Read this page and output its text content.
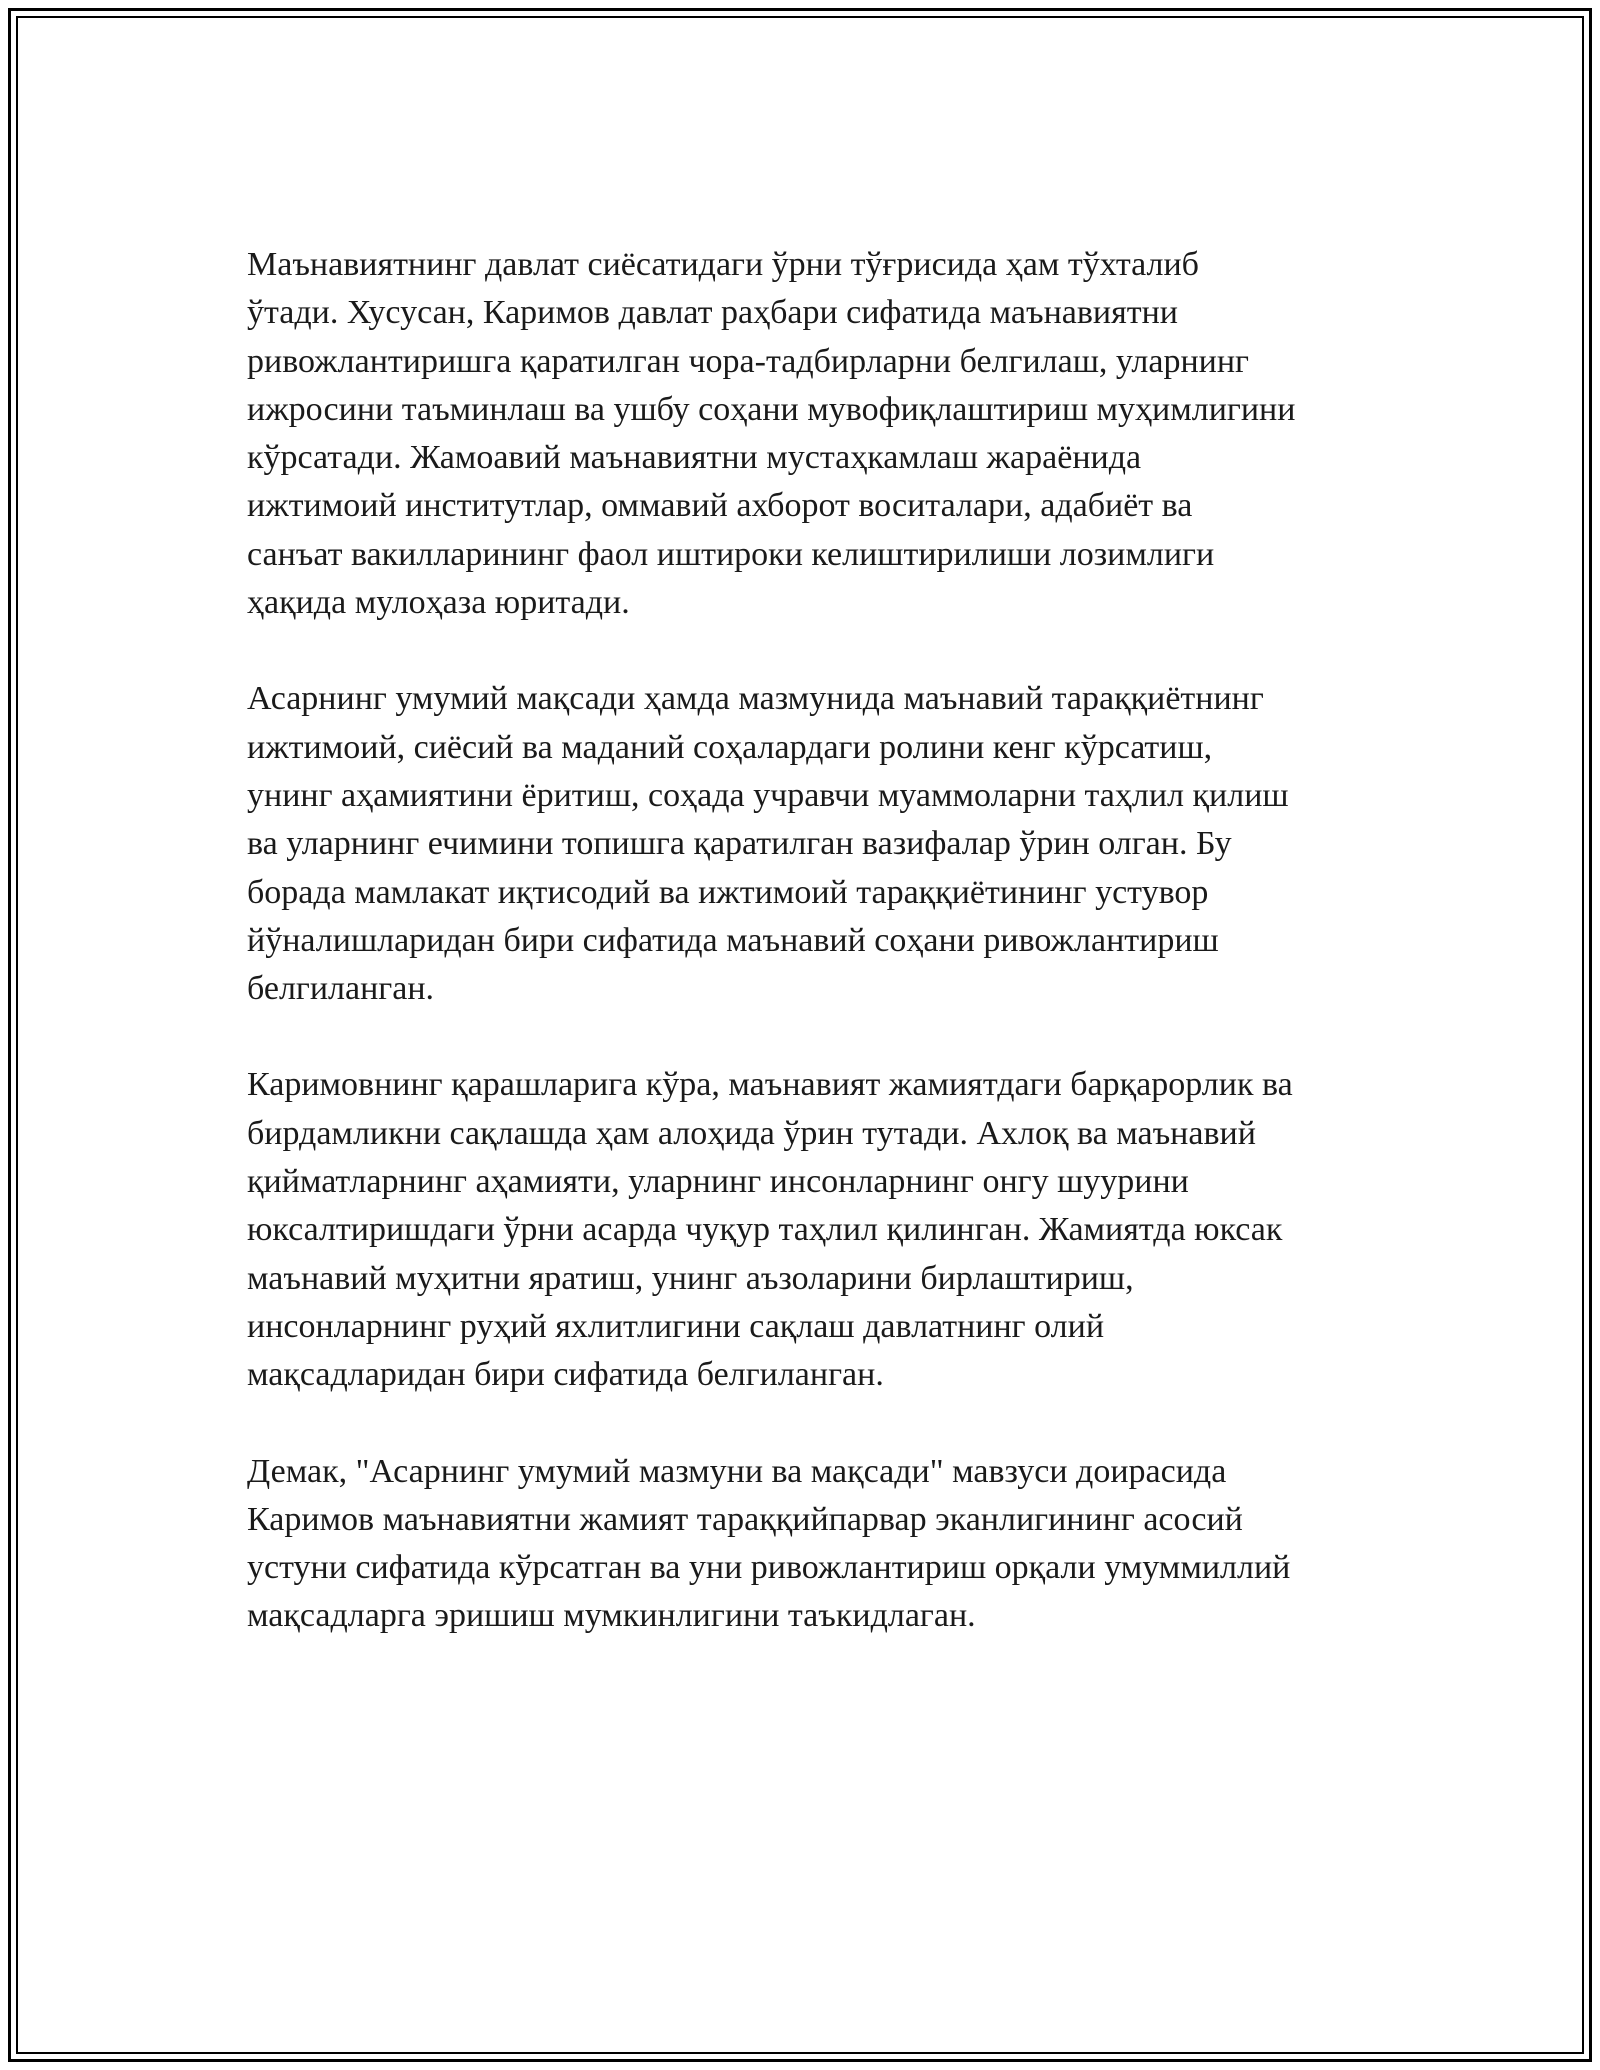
Маънавиятнинг давлат сиёсатидаги ўрни тўғрисида ҳам тўхталиб
ўтади. Хусусан, Каримов давлат раҳбари сифатида маънавиятни
ривожлантиришга қаратилган чора-тадбирларни белгилаш, уларнинг
ижросини таъминлаш ва ушбу соҳани мувофиқлаштириш муҳимлигини
кўрсатади. Жамоавий маънавиятни мустаҳкамлаш жараёнида
ижтимоий институтлар, оммавий ахборот воситалари, адабиёт ва
санъат вакилларининг фаол иштироки келиштирилиши лозимлиги
ҳақида мулоҳаза юритади.

Асарнинг умумий мақсади ҳамда мазмунида маънавий тараққиётнинг
ижтимоий, сиёсий ва маданий соҳалардаги ролини кенг кўрсатиш,
унинг аҳамиятини ёритиш, соҳада учравчи муаммоларни таҳлил қилиш
ва уларнинг ечимини топишга қаратилган вазифалар ўрин олган. Бу
борада мамлакат иқтисодий ва ижтимоий тараққиётининг устувор
йўналишларидан бири сифатида маънавий соҳани ривожлантириш
белгиланган.

Каримовнинг қарашларига кўра, маънавият жамиятдаги барқарорлик ва
бирдамликни сақлашда ҳам алоҳида ўрин тутади. Ахлоқ ва маънавий
қийматларнинг аҳамияти, уларнинг инсонларнинг онгу шуурини
юксалтиришдаги ўрни асарда чуқур таҳлил қилинган. Жамиятда юксак
маънавий муҳитни яратиш, унинг аъзоларини бирлаштириш,
инсонларнинг руҳий яхлитлигини сақлаш давлатнинг олий
мақсадларидан бири сифатида белгиланган.

Демак, "Асарнинг умумий мазмуни ва мақсади" мавзуси доирасида
Каримов маънавиятни жамият тараққийпарвар эканлигининг асосий
устуни сифатида кўрсатган ва уни ривожлантириш орқали умуммиллий
мақсадларга эришиш мумкинлигини таъкидлаган.
